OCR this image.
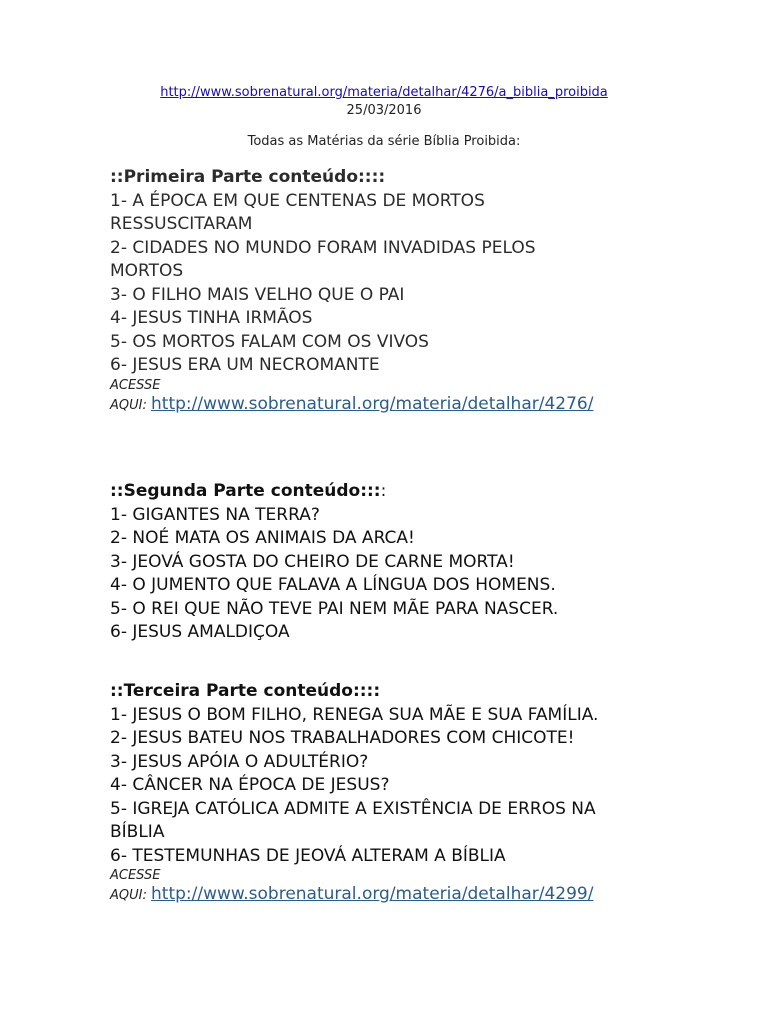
http://www.sobrenatural.org/materia/detalhar/4276/a_biblia_proibida
25/03/2016
Todas as Matérias da série Bíblia Proibida:
::Primeira Parte conteúdo::::
1- A ÉPOCA EM QUE CENTENAS DE MORTOS
RESSUSCITARAM
2- CIDADES NO MUNDO FORAM INVADIDAS PELOS
MORTOS
3- O FILHO MAIS VELHO QUE O PAI
4- JESUS TINHA IRMÃOS
5- OS MORTOS FALAM COM OS VIVOS
6- JESUS ERA UM NECROMANTE
ACESSE
AQUI: http://www.sobrenatural.org/materia/detalhar/4276/
::Segunda Parte conteúdo::::
1- GIGANTES NA TERRA?
2- NOÉ MATA OS ANIMAIS DA ARCA!
3- JEOVÁ GOSTA DO CHEIRO DE CARNE MORTA!
4- O JUMENTO QUE FALAVA A LÍNGUA DOS HOMENS.
5- O REI QUE NÃO TEVE PAI NEM MÃE PARA NASCER.
6- JESUS AMALDIÇOA
::Terceira Parte conteúdo::::
1- JESUS O BOM FILHO, RENEGA SUA MÃE E SUA FAMÍLIA.
2- JESUS BATEU NOS TRABALHADORES COM CHICOTE!
3- JESUS APÓIA O ADULTÉRIO?
4- CÂNCER NA ÉPOCA DE JESUS?
5- IGREJA CATÓLICA ADMITE A EXISTÊNCIA DE ERROS NA
BÍBLIA
6- TESTEMUNHAS DE JEOVÁ ALTERAM A BÍBLIA
ACESSE
AQUI: http://www.sobrenatural.org/materia/detalhar/4299/
